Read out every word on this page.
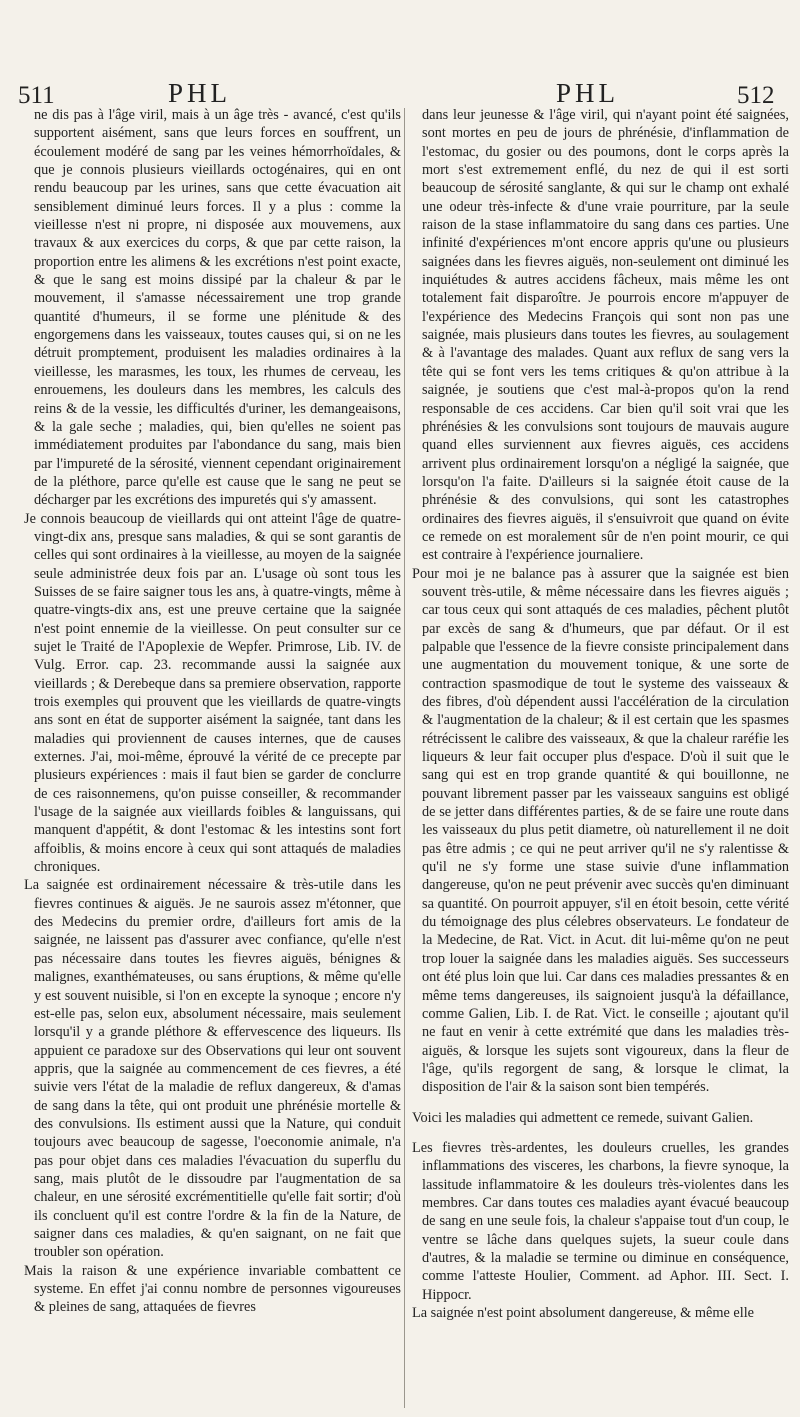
511	PHL	PHL	512

ne dis pas à l'âge viril, mais à un âge très - avancé, c'est qu'ils supportent aisément, sans que leurs forces en souffrent, un écoulement modéré de sang par les veines hémorrhoïdales, & que je connois plusieurs vieillards octogénaires, qui en ont rendu beaucoup par les urines, sans que cette évacuation ait sensiblement diminué leurs forces. Il y a plus : comme la vieillesse n'est ni propre, ni disposée aux mouvemens, aux travaux & aux exercices du corps, & que par cette raison, la proportion entre les alimens & les excrétions n'est point exacte, & que le sang est moins dissipé par la chaleur & par le mouvement, il s'amasse nécessairement une trop grande quantité d'humeurs, il se forme une plénitude & des engorgemens dans les vaisseaux, toutes causes qui, si on ne les détruit promptement, produisent les maladies ordinaires à la vieillesse, les marasmes, les toux, les rhumes de cerveau, les enrouemens, les douleurs dans les membres, les calculs des reins & de la vessie, les difficultés d'uriner, les demangeaisons, & la gale seche ; maladies, qui, bien qu'elles ne soient pas immédiatement produites par l'abondance du sang, mais bien par l'impureté de la sérosité, viennent cependant originairement de la pléthore, parce qu'elle est cause que le sang ne peut se décharger par les excrétions des impuretés qui s'y amassent.

Je connois beaucoup de vieillards qui ont atteint l'âge de quatre-vingt-dix ans, presque sans maladies, & qui se sont garantis de celles qui sont ordinaires à la vieillesse, au moyen de la saignée seule administrée deux fois par an. L'usage où sont tous les Suisses de se faire saigner tous les ans, à quatre-vingts, même à quatre-vingts-dix ans, est une preuve certaine que la saignée n'est point ennemie de la vieillesse. On peut consulter sur ce sujet le Traité de l'Apoplexie de Wepfer. Primrose, Lib. IV. de Vulg. Error. cap. 23. recommande aussi la saignée aux vieillards ; & Derebeque dans sa premiere observation, rapporte trois exemples qui prouvent que les vieillards de quatre-vingts ans sont en état de supporter aisément la saignée, tant dans les maladies qui proviennent de causes internes, que de causes externes. J'ai, moi-même, éprouvé la vérité de ce precepte par plusieurs expériences : mais il faut bien se garder de conclurre de ces raisonnemens, qu'on puisse conseiller, & recommander l'usage de la saignée aux vieillards foibles & languissans, qui manquent d'appétit, & dont l'estomac & les intestins sont fort affoiblis, & moins encore à ceux qui sont attaqués de maladies chroniques.

La saignée est ordinairement nécessaire & très-utile dans les fievres continues & aiguës. Je ne saurois assez m'étonner, que des Medecins du premier ordre, d'ailleurs fort amis de la saignée, ne laissent pas d'assurer avec confiance, qu'elle n'est pas nécessaire dans toutes les fievres aiguës, bénignes & malignes, exanthémateuses, ou sans éruptions, & même qu'elle y est souvent nuisible, si l'on en excepte la synoque ; encore n'y est-elle pas, selon eux, absolument nécessaire, mais seulement lorsqu'il y a grande pléthore & effervescence des liqueurs. Ils appuient ce paradoxe sur des Observations qui leur ont souvent appris, que la saignée au commencement de ces fievres, a été suivie vers l'état de la maladie de reflux dangereux, & d'amas de sang dans la tête, qui ont produit une phrénésie mortelle & des convulsions. Ils estiment aussi que la Nature, qui conduit toujours avec beaucoup de sagesse, l'oeconomie animale, n'a pas pour objet dans ces maladies l'évacuation du superflu du sang, mais plutôt de le dissoudre par l'augmentation de sa chaleur, en une sérosité excrémentitielle qu'elle fait sortir; d'où ils concluent qu'il est contre l'ordre & la fin de la Nature, de saigner dans ces maladies, & qu'en saignant, on ne fait que troubler son opération.

Mais la raison & une expérience invariable combattent ce systeme. En effet j'ai connu nombre de personnes vigoureuses & pleines de sang, attaquées de fievres

dans leur jeunesse & l'âge viril, qui n'ayant point été saignées, sont mortes en peu de jours de phrénésie, d'inflammation de l'estomac, du gosier ou des poumons, dont le corps après la mort s'est extremement enflé, du nez de qui il est sorti beaucoup de sérosité sanglante, & qui sur le champ ont exhalé une odeur très-infecte & d'une vraie pourriture, par la seule raison de la stase inflammatoire du sang dans ces parties. Une infinité d'expériences m'ont encore appris qu'une ou plusieurs saignées dans les fievres aiguës, non-seulement ont diminué les inquiétudes & autres accidens fâcheux, mais même les ont totalement fait disparoître. Je pourrois encore m'appuyer de l'expérience des Medecins François qui sont non pas une saignée, mais plusieurs dans toutes les fievres, au soulagement & à l'avantage des malades. Quant aux reflux de sang vers la tête qui se font vers les tems critiques & qu'on attribue à la saignée, je soutiens que c'est mal-à-propos qu'on la rend responsable de ces accidens. Car bien qu'il soit vrai que les phrénésies & les convulsions sont toujours de mauvais augure quand elles surviennent aux fievres aiguës, ces accidens arrivent plus ordinairement lorsqu'on a négligé la saignée, que lorsqu'on l'a faite. D'ailleurs si la saignée étoit cause de la phrénésie & des convulsions, qui sont les catastrophes ordinaires des fievres aiguës, il s'ensuivroit que quand on évite ce remede on est moralement sûr de n'en point mourir, ce qui est contraire à l'expérience journaliere.

Pour moi je ne balance pas à assurer que la saignée est bien souvent très-utile, & même nécessaire dans les fievres aiguës ; car tous ceux qui sont attaqués de ces maladies, pêchent plutôt par excès de sang & d'humeurs, que par défaut. Or il est palpable que l'essence de la fievre consiste principalement dans une augmentation du mouvement tonique, & une sorte de contraction spasmodique de tout le systeme des vaisseaux & des fibres, d'où dépendent aussi l'accélération de la circulation & l'augmentation de la chaleur; & il est certain que les spasmes rétrécissent le calibre des vaisseaux, & que la chaleur raréfie les liqueurs & leur fait occuper plus d'espace. D'où il suit que le sang qui est en trop grande quantité & qui bouillonne, ne pouvant librement passer par les vaisseaux sanguins est obligé de se jetter dans différentes parties, & de se faire une route dans les vaisseaux du plus petit diametre, où naturellement il ne doit pas être admis ; ce qui ne peut arriver qu'il ne s'y ralentisse & qu'il ne s'y forme une stase suivie d'une inflammation dangereuse, qu'on ne peut prévenir avec succès qu'en diminuant sa quantité. On pourroit appuyer, s'il en étoit besoin, cette vérité du témoignage des plus célebres observateurs. Le fondateur de la Medecine, de Rat. Vict. in Acut. dit lui-même qu'on ne peut trop louer la saignée dans les maladies aiguës. Ses successeurs ont été plus loin que lui. Car dans ces maladies pressantes & en même tems dangereuses, ils saignoient jusqu'à la défaillance, comme Galien, Lib. I. de Rat. Vict. le conseille ; ajoutant qu'il ne faut en venir à cette extrémité que dans les maladies très-aiguës, & lorsque les sujets sont vigoureux, dans la fleur de l'âge, qu'ils regorgent de sang, & lorsque le climat, la disposition de l'air & la saison sont bien tempérés.

Voici les maladies qui admettent ce remede, suivant Galien.

Les fievres très-ardentes, les douleurs cruelles, les grandes inflammations des visceres, les charbons, la fievre synoque, la lassitude inflammatoire & les douleurs très-violentes dans les membres. Car dans toutes ces maladies ayant évacué beaucoup de sang en une seule fois, la chaleur s'appaise tout d'un coup, le ventre se lâche dans quelques sujets, la sueur coule dans d'autres, & la maladie se termine ou diminue en conséquence, comme l'atteste Houlier, Comment. ad Aphor. III. Sect. I. Hippocr.

La saignée n'est point absolument dangereuse, & même elle
